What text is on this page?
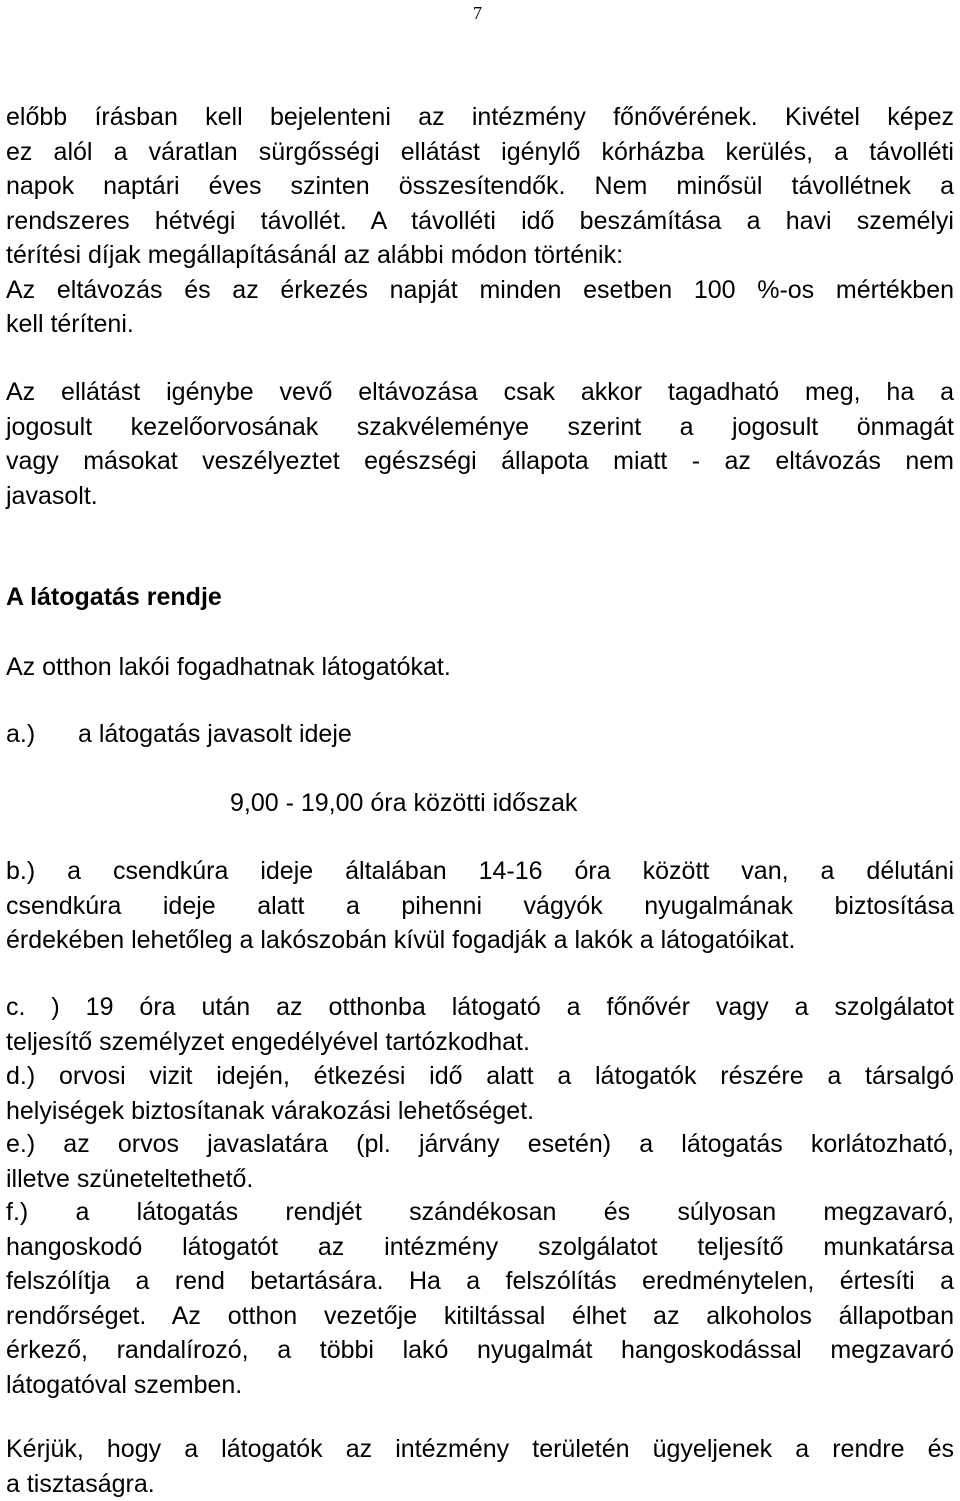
7
előbb írásban kell bejelenteni az intézmény főnővérének. Kivétel képez
ez alól a váratlan sürgősségi ellátást igénylő kórházba kerülés, a távolléti
napok naptári éves szinten összesítendők. Nem minősül távollétnek a
rendszeres hétvégi távollét. A távolléti idő beszámítása a havi személyi
térítési díjak megállapításánál az alábbi módon történik:
Az eltávozás és az érkezés napját minden esetben 100 %-os mértékben
kell téríteni.
Az ellátást igénybe vevő eltávozása csak akkor tagadható meg, ha a
jogosult kezelőorvosának szakvéleménye szerint a jogosult önmagát
vagy másokat veszélyeztet egészségi állapota miatt - az eltávozás nem
javasolt.
A látogatás rendje
Az otthon lakói fogadhatnak látogatókat.
a.) a látogatás javasolt ideje
9,00 - 19,00 óra közötti időszak
b.) a csendkúra ideje általában 14-16 óra között van, a délutáni
csendkúra ideje alatt a pihenni vágyók nyugalmának biztosítása
érdekében lehetőleg a lakószobán kívül fogadják a lakók a látogatóikat.
c. ) 19 óra után az otthonba látogató a főnővér vagy a szolgálatot
teljesítő személyzet engedélyével tartózkodhat.
d.) orvosi vizit idején, étkezési idő alatt a látogatók részére a társalgó
helyiségek biztosítanak várakozási lehetőséget.
e.) az orvos javaslatára (pl. járvány esetén) a látogatás korlátozható,
illetve szüneteltethető.
f.) a látogatás rendjét szándékosan és súlyosan megzavaró,
hangoskodó látogatót az intézmény szolgálatot teljesítő munkatársa
felszólítja a rend betartására. Ha a felszólítás eredménytelen, értesíti a
rendőrséget. Az otthon vezetője kitiltással élhet az alkoholos állapotban
érkező, randalírozó, a többi lakó nyugalmát hangoskodással megzavaró
látogatóval szemben.
Kérjük, hogy a látogatók az intézmény területén ügyeljenek a rendre és
a tisztaságra.
